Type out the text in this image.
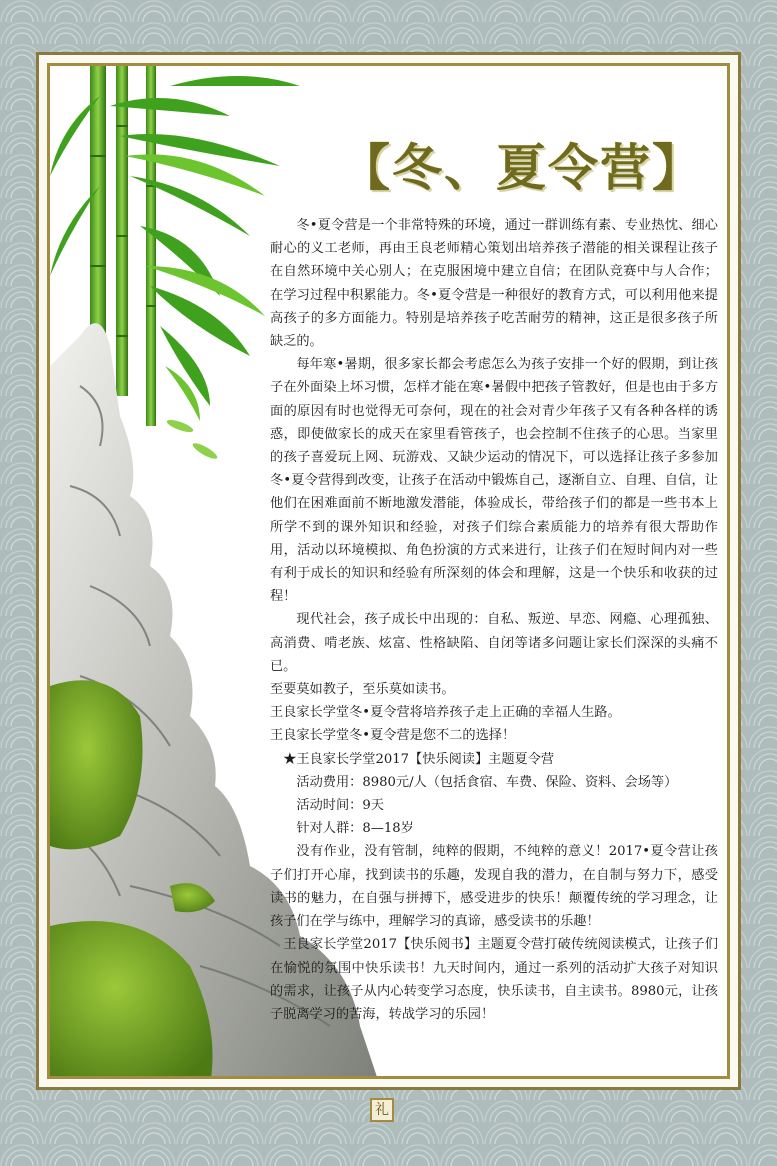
【冬、夏令营】

冬•夏令营是一个非常特殊的环境，通过一群训练有素、专业热忱、细心耐心的义工老师，再由王良老师精心策划出培养孩子潜能的相关课程让孩子在自然环境中关心别人；在克服困境中建立自信；在团队竞赛中与人合作；在学习过程中积累能力。冬•夏令营是一种很好的教育方式，可以利用他来提高孩子的多方面能力。特别是培养孩子吃苦耐劳的精神，这正是很多孩子所缺乏的。

每年寒•暑期，很多家长都会考虑怎么为孩子安排一个好的假期，到让孩子在外面染上坏习惯，怎样才能在寒•暑假中把孩子管教好，但是也由于多方面的原因有时也觉得无可奈何，现在的社会对青少年孩子又有各种各样的诱惑，即使做家长的成天在家里看管孩子，也会控制不住孩子的心思。当家里的孩子喜爱玩上网、玩游戏、又缺少运动的情况下，可以选择让孩子多参加冬•夏令营得到改变，让孩子在活动中锻炼自己，逐渐自立、自理、自信，让他们在困难面前不断地激发潜能，体验成长，带给孩子们的都是一些书本上所学不到的课外知识和经验，对孩子们综合素质能力的培养有很大帮助作用，活动以环境模拟、角色扮演的方式来进行，让孩子们在短时间内对一些有利于成长的知识和经验有所深刻的体会和理解，这是一个快乐和收获的过程！

现代社会，孩子成长中出现的：自私、叛逆、早恋、网瘾、心理孤独、高消费、啃老族、炫富、性格缺陷、自闭等诸多问题让家长们深深的头痛不已。

至要莫如教子，至乐莫如读书。

王良家长学堂冬•夏令营将培养孩子走上正确的幸福人生路。

王良家长学堂冬•夏令营是您不二的选择！

★王良家长学堂2017【快乐阅读】主题夏令营

活动费用：8980元/人（包括食宿、车费、保险、资料、会场等）

活动时间：9天

针对人群：8—18岁

没有作业，没有管制，纯粹的假期，不纯粹的意义！2017•夏令营让孩子们打开心扉，找到读书的乐趣，发现自我的潜力，在自制与努力下，感受读书的魅力，在自强与拼搏下，感受进步的快乐！颠覆传统的学习理念，让孩子们在学与练中，理解学习的真谛，感受读书的乐趣！

王良家长学堂2017【快乐阅书】主题夏令营打破传统阅读模式，让孩子们在愉悦的氛围中快乐读书！九天时间内，通过一系列的活动扩大孩子对知识的需求，让孩子从内心转变学习态度，快乐读书，自主读书。8980元，让孩子脱离学习的苦海，转战学习的乐园！

礼
